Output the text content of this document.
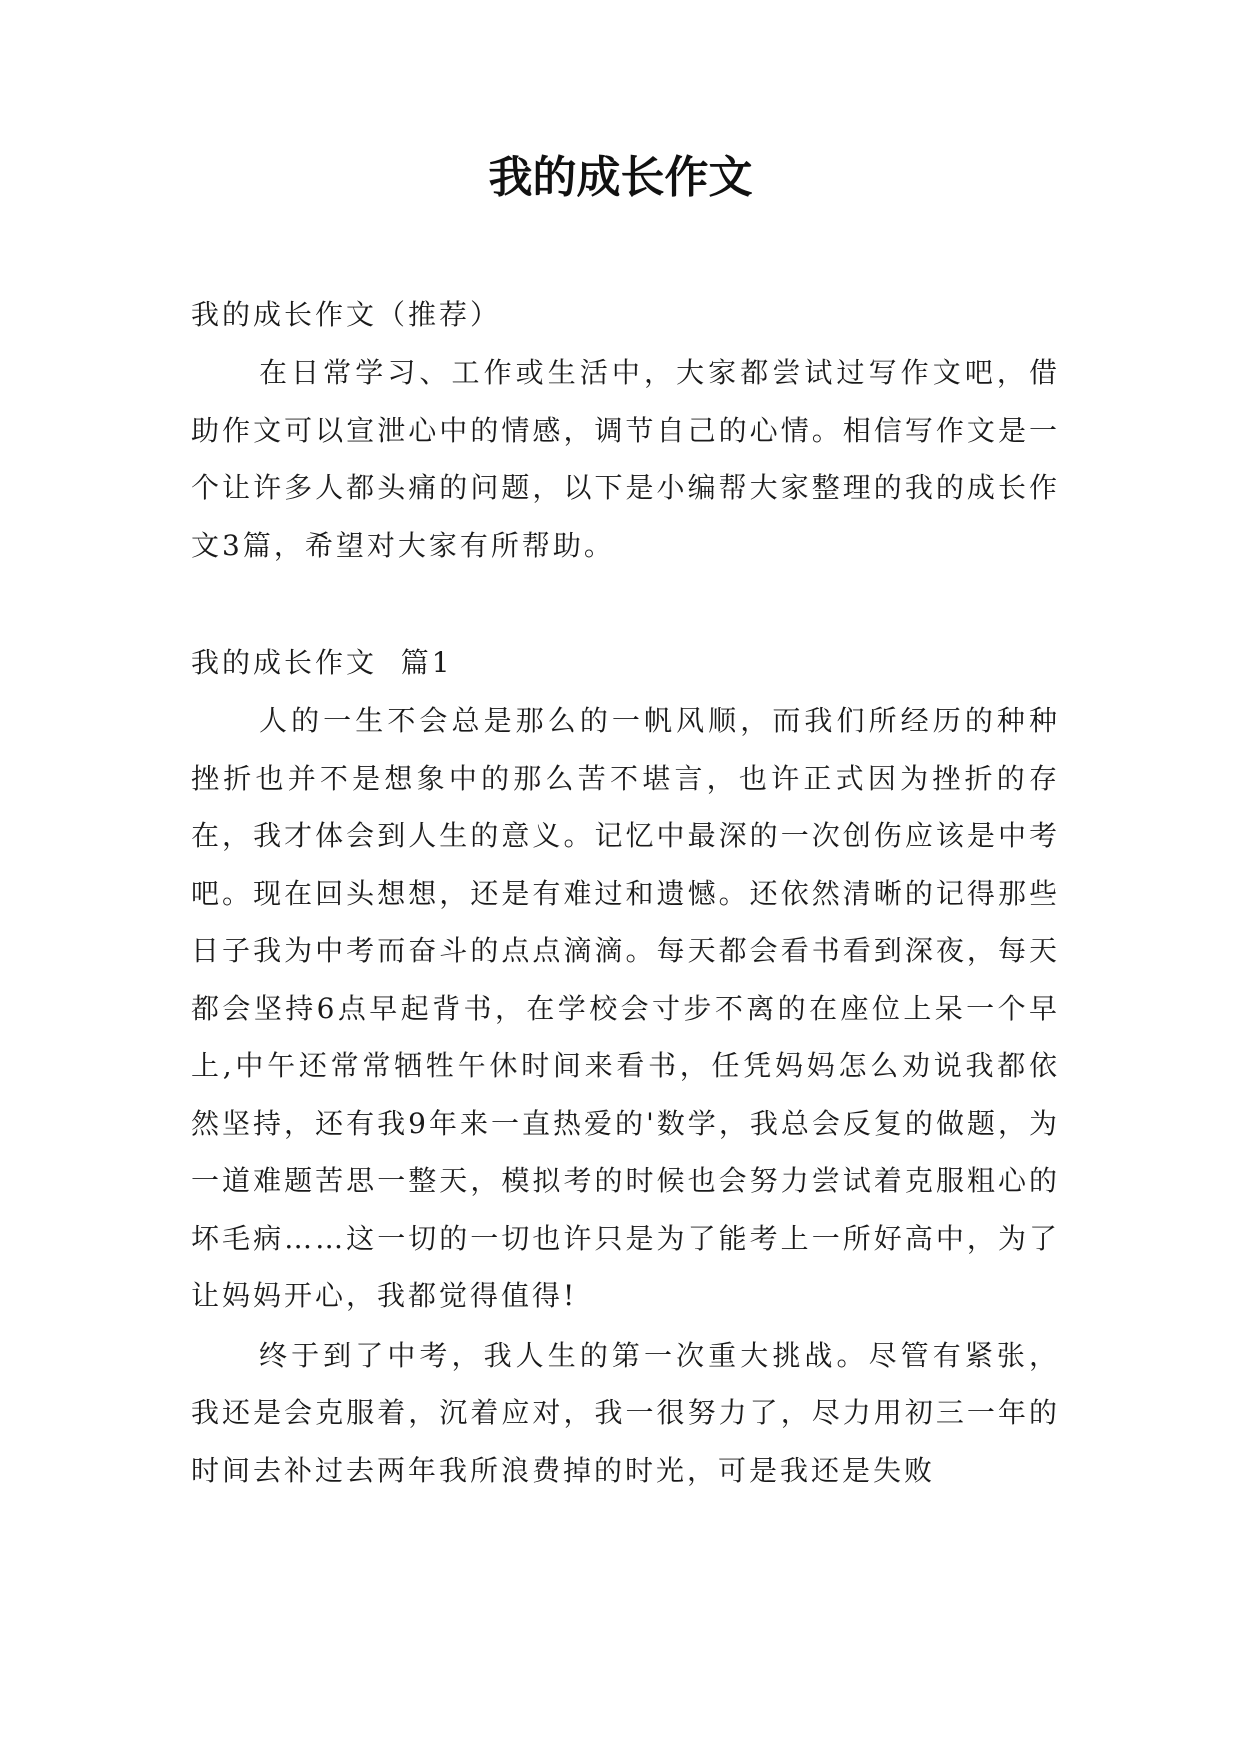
我的成长作文

我的成长作文（推荐）

在日常学习、工作或生活中，大家都尝试过写作文吧，借助作文可以宣泄心中的情感，调节自己的心情。相信写作文是一个让许多人都头痛的问题，以下是小编帮大家整理的我的成长作文3篇，希望对大家有所帮助。

我的成长作文  篇1

人的一生不会总是那么的一帆风顺，而我们所经历的种种挫折也并不是想象中的那么苦不堪言，也许正式因为挫折的存在，我才体会到人生的意义。记忆中最深的一次创伤应该是中考吧。现在回头想想，还是有难过和遗憾。还依然清晰的记得那些日子我为中考而奋斗的点点滴滴。每天都会看书看到深夜，每天都会坚持6点早起背书，在学校会寸步不离的在座位上呆一个早上,中午还常常牺牲午休时间来看书，任凭妈妈怎么劝说我都依然坚持，还有我9年来一直热爱的'数学，我总会反复的做题，为一道难题苦思一整天，模拟考的时候也会努力尝试着克服粗心的坏毛病……这一切的一切也许只是为了能考上一所好高中，为了让妈妈开心，我都觉得值得!

终于到了中考，我人生的第一次重大挑战。尽管有紧张，我还是会克服着，沉着应对，我一很努力了，尽力用初三一年的时间去补过去两年我所浪费掉的时光，可是我还是失败
